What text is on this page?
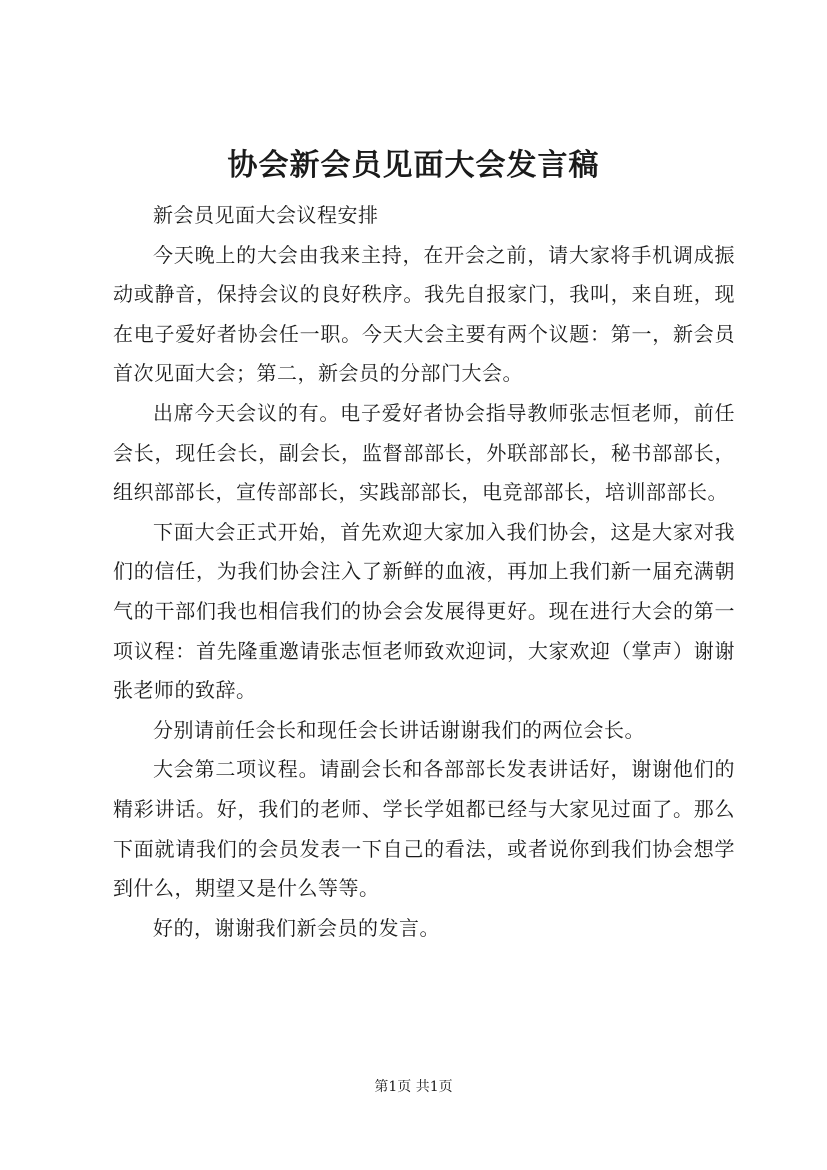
协会新会员见面大会发言稿

新会员见面大会议程安排

今天晚上的大会由我来主持，在开会之前，请大家将手机调成振动或静音，保持会议的良好秩序。我先自报家门，我叫，来自班，现在电子爱好者协会任一职。今天大会主要有两个议题：第一，新会员首次见面大会；第二，新会员的分部门大会。

出席今天会议的有。电子爱好者协会指导教师张志恒老师，前任会长，现任会长，副会长，监督部部长，外联部部长，秘书部部长，组织部部长，宣传部部长，实践部部长，电竞部部长，培训部部长。

下面大会正式开始，首先欢迎大家加入我们协会，这是大家对我们的信任，为我们协会注入了新鲜的血液，再加上我们新一届充满朝气的干部们我也相信我们的协会会发展得更好。现在进行大会的第一项议程：首先隆重邀请张志恒老师致欢迎词，大家欢迎（掌声）谢谢张老师的致辞。

分别请前任会长和现任会长讲话谢谢我们的两位会长。

大会第二项议程。请副会长和各部部长发表讲话好，谢谢他们的精彩讲话。好，我们的老师、学长学姐都已经与大家见过面了。那么下面就请我们的会员发表一下自己的看法，或者说你到我们协会想学到什么，期望又是什么等等。

好的，谢谢我们新会员的发言。

第1页 共1页
